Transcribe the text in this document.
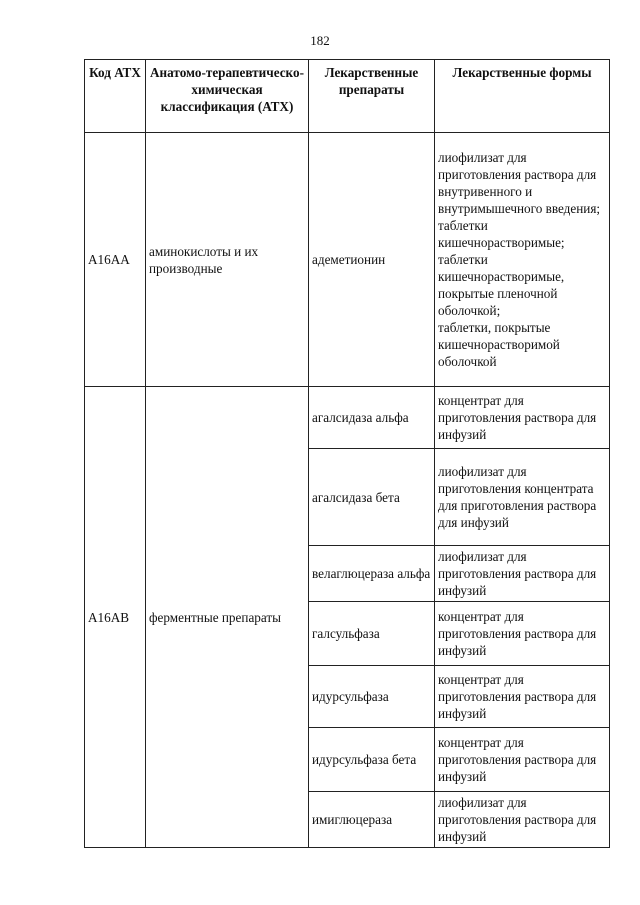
182
Код АТХ	Анатомо-терапевтическо-химическая классификация (АТХ)	Лекарственные препараты	Лекарственные формы
A16AA	аминокислоты и их производные	адеметионин	лиофилизат для приготовления раствора для внутривенного и внутримышечного введения;
таблетки кишечнорастворимые;
таблетки кишечнорастворимые, покрытые пленочной оболочкой;
таблетки, покрытые кишечнорастворимой оболочкой

A16AB	ферментные препараты	агалсидаза альфа	концентрат для приготовления раствора для инфузий

		агалсидаза бета	лиофилизат для приготовления концентрата для приготовления раствора для инфузий

		велаглюцераза альфа	лиофилизат для приготовления раствора для инфузий

		галсульфаза	концентрат для приготовления раствора для инфузий

		идурсульфаза	концентрат для приготовления раствора для инфузий

		идурсульфаза бета	концентрат для приготовления раствора для инфузий

		имиглюцераза	лиофилизат для приготовления раствора для инфузий
